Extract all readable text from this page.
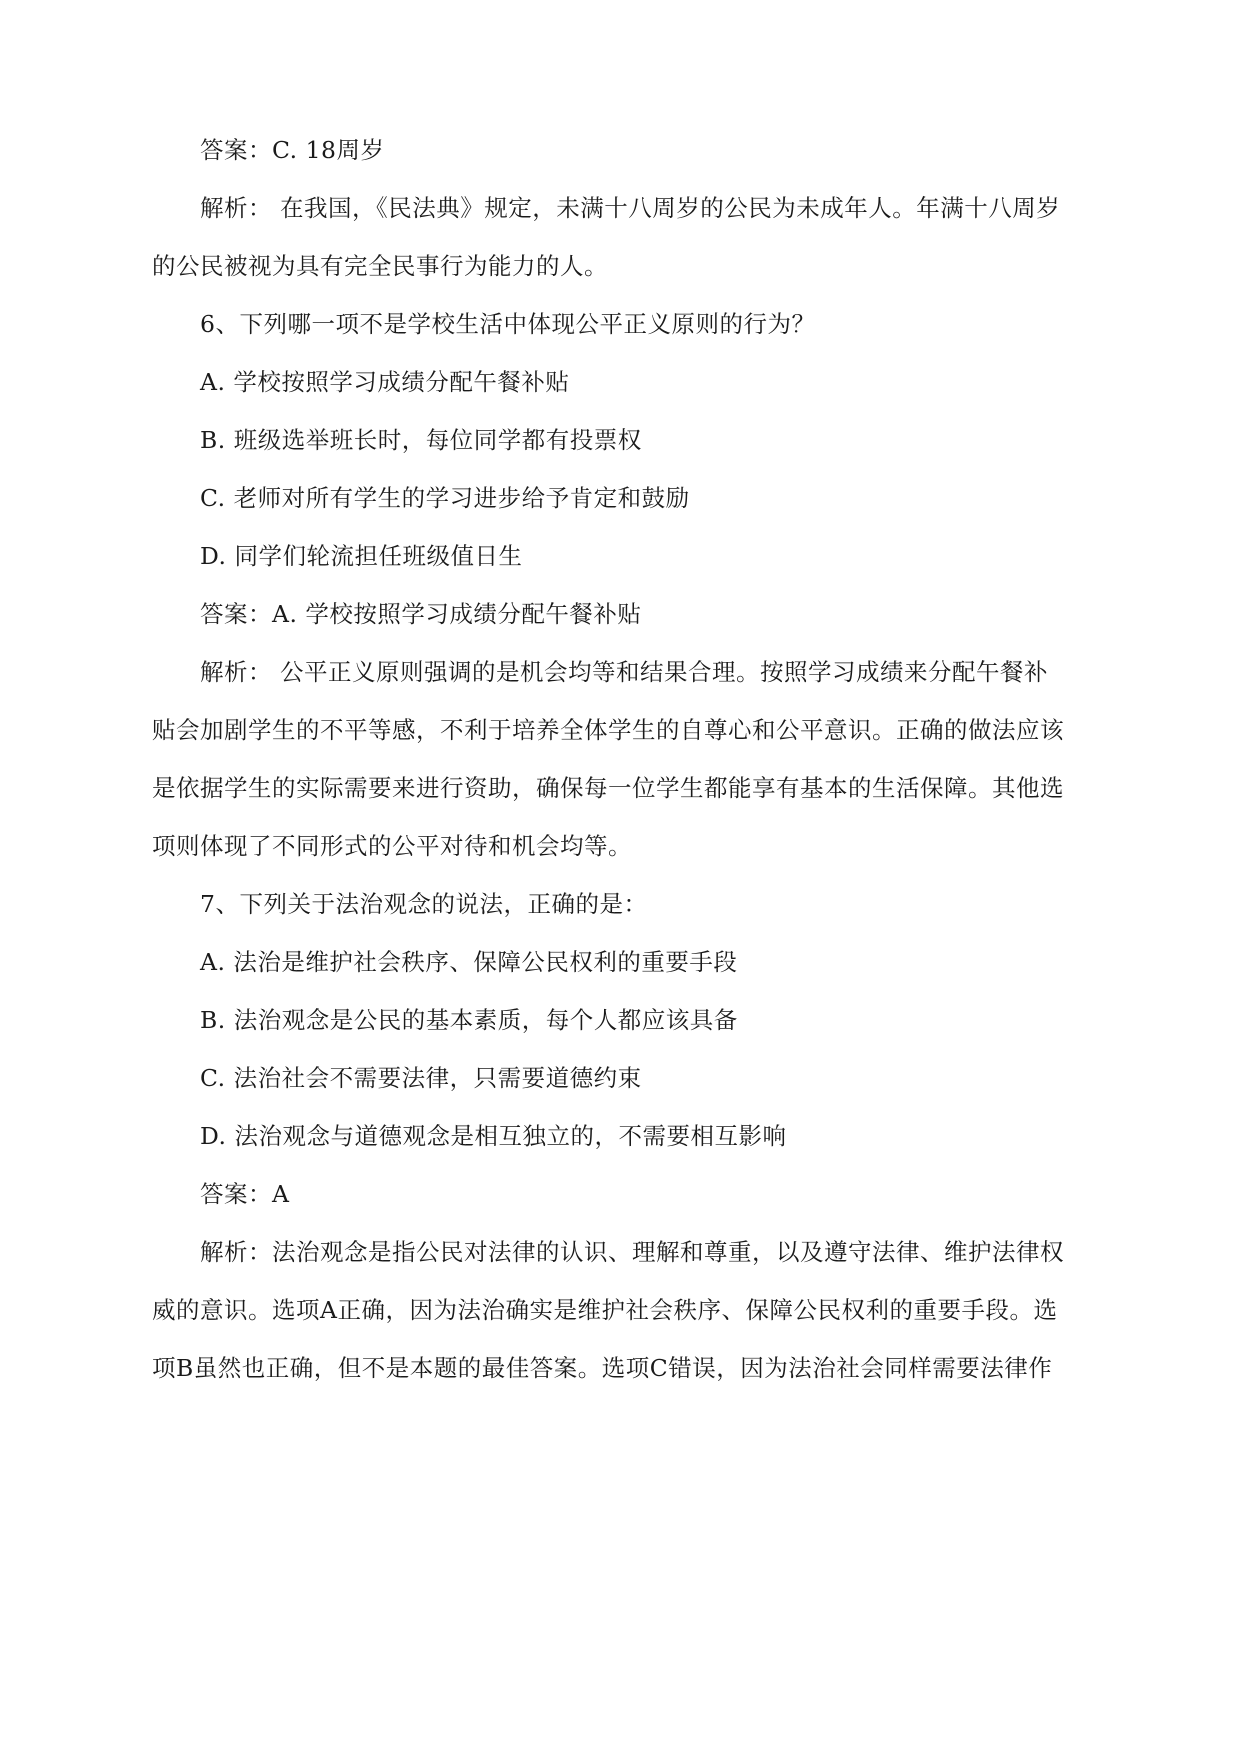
答案：C. 18周岁

解析： 在我国，《民法典》规定，未满十八周岁的公民为未成年人。年满十八周岁

的公民被视为具有完全民事行为能力的人。

6、下列哪一项不是学校生活中体现公平正义原则的行为？

A. 学校按照学习成绩分配午餐补贴

B. 班级选举班长时，每位同学都有投票权

C. 老师对所有学生的学习进步给予肯定和鼓励

D. 同学们轮流担任班级值日生

答案：A. 学校按照学习成绩分配午餐补贴

解析： 公平正义原则强调的是机会均等和结果合理。按照学习成绩来分配午餐补

贴会加剧学生的不平等感，不利于培养全体学生的自尊心和公平意识。正确的做法应该

是依据学生的实际需要来进行资助，确保每一位学生都能享有基本的生活保障。其他选

项则体现了不同形式的公平对待和机会均等。

7、下列关于法治观念的说法，正确的是：

A. 法治是维护社会秩序、保障公民权利的重要手段

B. 法治观念是公民的基本素质，每个人都应该具备

C. 法治社会不需要法律，只需要道德约束

D. 法治观念与道德观念是相互独立的，不需要相互影响

答案：A

解析：法治观念是指公民对法律的认识、理解和尊重，以及遵守法律、维护法律权

威的意识。选项A正确，因为法治确实是维护社会秩序、保障公民权利的重要手段。选

项B虽然也正确，但不是本题的最佳答案。选项C错误，因为法治社会同样需要法律作
